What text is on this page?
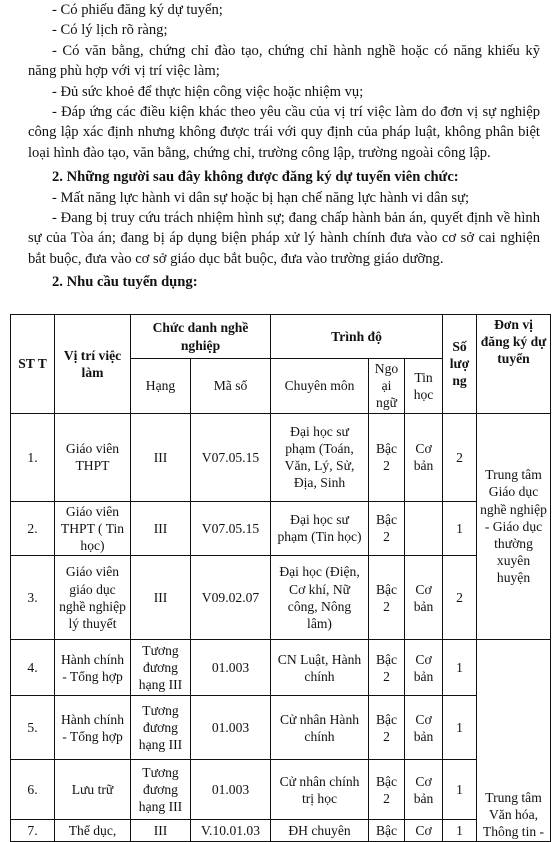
- Có phiếu đăng ký dự tuyển;

- Có lý lịch rõ ràng;

- Có văn bằng, chứng chỉ đào tạo, chứng chỉ hành nghề hoặc có năng khiếu kỹ năng phù hợp với vị trí việc làm;

- Đủ sức khoẻ để thực hiện công việc hoặc nhiệm vụ;

- Đáp ứng các điều kiện khác theo yêu cầu của vị trí việc làm do đơn vị sự nghiệp công lập xác định nhưng không được trái với quy định của pháp luật, không phân biệt loại hình đào tạo, văn bằng, chứng chỉ, trường công lập, trường ngoài công lập.

2. Những người sau đây không được đăng ký dự tuyển viên chức:

- Mất năng lực hành vi dân sự hoặc bị hạn chế năng lực hành vi dân sự;

- Đang bị truy cứu trách nhiệm hình sự; đang chấp hành bản án, quyết định về hình sự của Tòa án; đang bị áp dụng biện pháp xử lý hành chính đưa vào cơ sở cai nghiện bắt buộc, đưa vào cơ sở giáo dục bắt buộc, đưa vào trường giáo dưỡng.

2. Nhu cầu tuyển dụng:

ST T	Vị trí việc làm	Chức danh nghề nghiệp		Trình độ			Số lượ ng	Đơn vị đăng ký dự tuyển
		Hạng	Mã số	Chuyên môn	Ngo ại ngữ	Tin học		
1.	Giáo viên THPT	III	V07.05.15	Đại học sư phạm (Toán, Văn, Lý, Sử, Địa, Sinh	Bậc 2	Cơ bản	2	Trung tâm Giáo dục nghề nghiệp - Giáo dục thường xuyên huyện
2.	Giáo viên THPT ( Tin học)	III	V07.05.15	Đại học sư phạm (Tin học)	Bậc 2		1	
3.	Giáo viên giáo dục nghề nghiệp lý thuyết	III	V09.02.07	Đại học (Điện, Cơ khí, Nữ công, Nông lâm)	Bậc 2	Cơ bản	2	
4.	Hành chính - Tổng hợp	Tương đương hạng III	01.003	CN Luật, Hành chính	Bậc 2	Cơ bản	1	Trung tâm Văn hóa, Thông tin -
5.	Hành chính - Tổng hợp	Tương đương hạng III	01.003	Cử nhân Hành chính	Bậc 2	Cơ bản	1	
6.	Lưu trữ	Tương đương hạng III	01.003	Cử nhân chính trị học	Bậc 2	Cơ bản	1	
7.	Thể dục,	III	V.10.01.03	ĐH chuyên	Bậc	Cơ	1	
